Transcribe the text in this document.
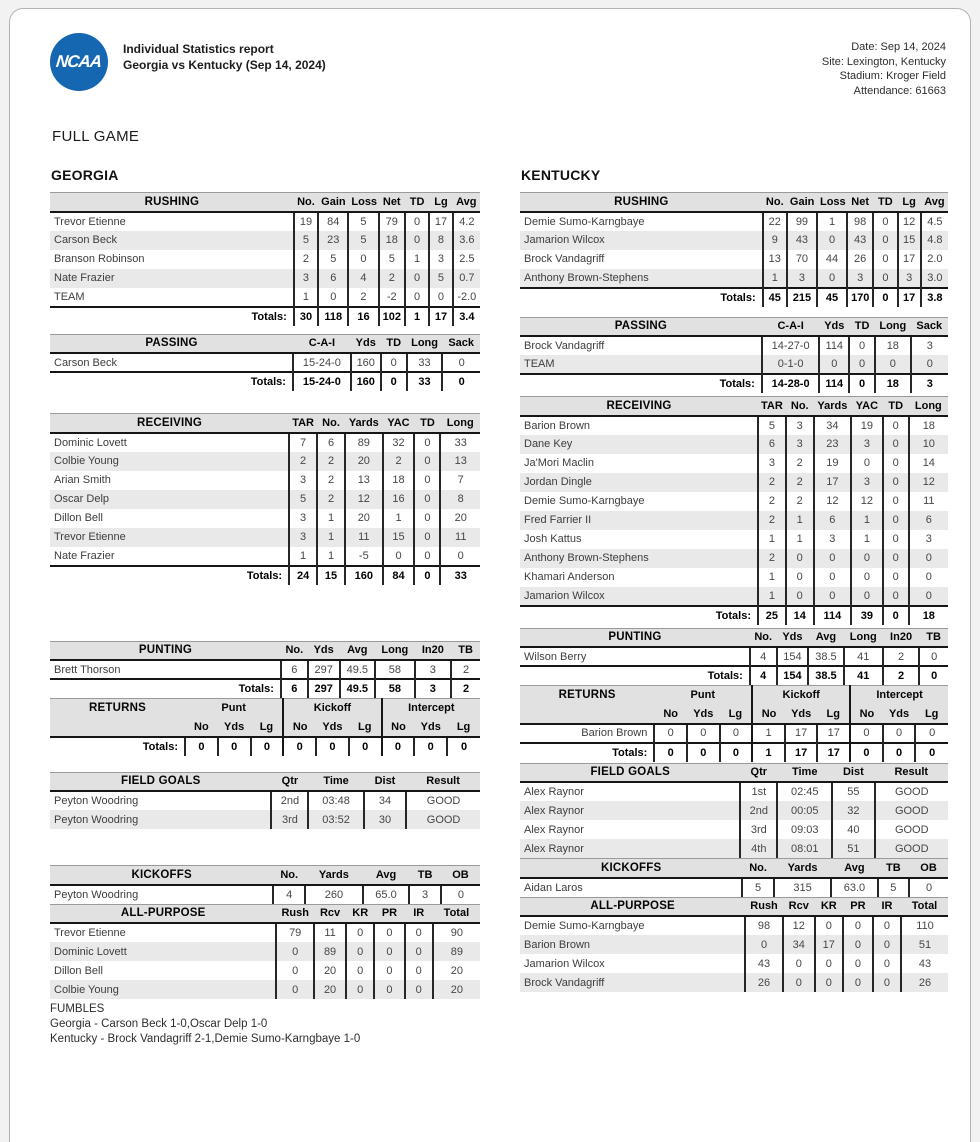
NCAA
®
Individual Statistics report
Georgia vs Kentucky (Sep 14, 2024)
Date: Sep 14, 2024
Site: Lexington, Kentucky
Stadium: Kroger Field
Attendance: 61663
FULL GAME
GEORGIA
RUSHING	No.	Gain	Loss	Net	TD	Lg	Avg
Trevor Etienne	19	84	5	79	0	17	4.2
Carson Beck	5	23	5	18	0	8	3.6
Branson Robinson	2	5	0	5	1	3	2.5
Nate Frazier	3	6	4	2	0	5	0.7
TEAM	1	0	2	-2	0	0	-2.0
Totals:	30	118	16	102	1	17	3.4
PASSING	C-A-I	Yds	TD	Long	Sack
Carson Beck	15-24-0	160	0	33	0
Totals:	15-24-0	160	0	33	0
RECEIVING	TAR	No.	Yards	YAC	TD	Long
Dominic Lovett	7	6	89	32	0	33
Colbie Young	2	2	20	2	0	13
Arian Smith	3	2	13	18	0	7
Oscar Delp	5	2	12	16	0	8
Dillon Bell	3	1	20	1	0	20
Trevor Etienne	3	1	11	15	0	11
Nate Frazier	1	1	-5	0	0	0
Totals:	24	15	160	84	0	33
PUNTING	No.	Yds	Avg	Long	In20	TB
Brett Thorson	6	297	49.5	58	3	2
Totals:	6	297	49.5	58	3	2
RETURNS	Punt			Kickoff			Intercept		
	No	Yds	Lg	No	Yds	Lg	No	Yds	Lg
Totals:	0	0	0	0	0	0	0	0	0
FIELD GOALS	Qtr	Time	Dist	Result
Peyton Woodring	2nd	03:48	34	GOOD
Peyton Woodring	3rd	03:52	30	GOOD
KICKOFFS	No.	Yards	Avg	TB	OB
Peyton Woodring	4	260	65.0	3	0
ALL-PURPOSE	Rush	Rcv	KR	PR	IR	Total
Trevor Etienne	79	11	0	0	0	90
Dominic Lovett	0	89	0	0	0	89
Dillon Bell	0	20	0	0	0	20
Colbie Young	0	20	0	0	0	20
FUMBLES
Georgia - Carson Beck 1-0,Oscar Delp 1-0
Kentucky - Brock Vandagriff 2-1,Demie Sumo-Karngbaye 1-0
KENTUCKY
RUSHING	No.	Gain	Loss	Net	TD	Lg	Avg
Demie Sumo-Karngbaye	22	99	1	98	0	12	4.5
Jamarion Wilcox	9	43	0	43	0	15	4.8
Brock Vandagriff	13	70	44	26	0	17	2.0
Anthony Brown-Stephens	1	3	0	3	0	3	3.0
Totals:	45	215	45	170	0	17	3.8
PASSING	C-A-I	Yds	TD	Long	Sack
Brock Vandagriff	14-27-0	114	0	18	3
TEAM	0-1-0	0	0	0	0
Totals:	14-28-0	114	0	18	3
RECEIVING	TAR	No.	Yards	YAC	TD	Long
Barion Brown	5	3	34	19	0	18
Dane Key	6	3	23	3	0	10
Ja'Mori Maclin	3	2	19	0	0	14
Jordan Dingle	2	2	17	3	0	12
Demie Sumo-Karngbaye	2	2	12	12	0	11
Fred Farrier II	2	1	6	1	0	6
Josh Kattus	1	1	3	1	0	3
Anthony Brown-Stephens	2	0	0	0	0	0
Khamari Anderson	1	0	0	0	0	0
Jamarion Wilcox	1	0	0	0	0	0
Totals:	25	14	114	39	0	18
PUNTING	No.	Yds	Avg	Long	In20	TB
Wilson Berry	4	154	38.5	41	2	0
Totals:	4	154	38.5	41	2	0
RETURNS	Punt			Kickoff			Intercept		
	No	Yds	Lg	No	Yds	Lg	No	Yds	Lg
Barion Brown	0	0	0	1	17	17	0	0	0
Totals:	0	0	0	1	17	17	0	0	0
FIELD GOALS	Qtr	Time	Dist	Result
Alex Raynor	1st	02:45	55	GOOD
Alex Raynor	2nd	00:05	32	GOOD
Alex Raynor	3rd	09:03	40	GOOD
Alex Raynor	4th	08:01	51	GOOD
KICKOFFS	No.	Yards	Avg	TB	OB
Aidan Laros	5	315	63.0	5	0
ALL-PURPOSE	Rush	Rcv	KR	PR	IR	Total
Demie Sumo-Karngbaye	98	12	0	0	0	110
Barion Brown	0	34	17	0	0	51
Jamarion Wilcox	43	0	0	0	0	43
Brock Vandagriff	26	0	0	0	0	26
